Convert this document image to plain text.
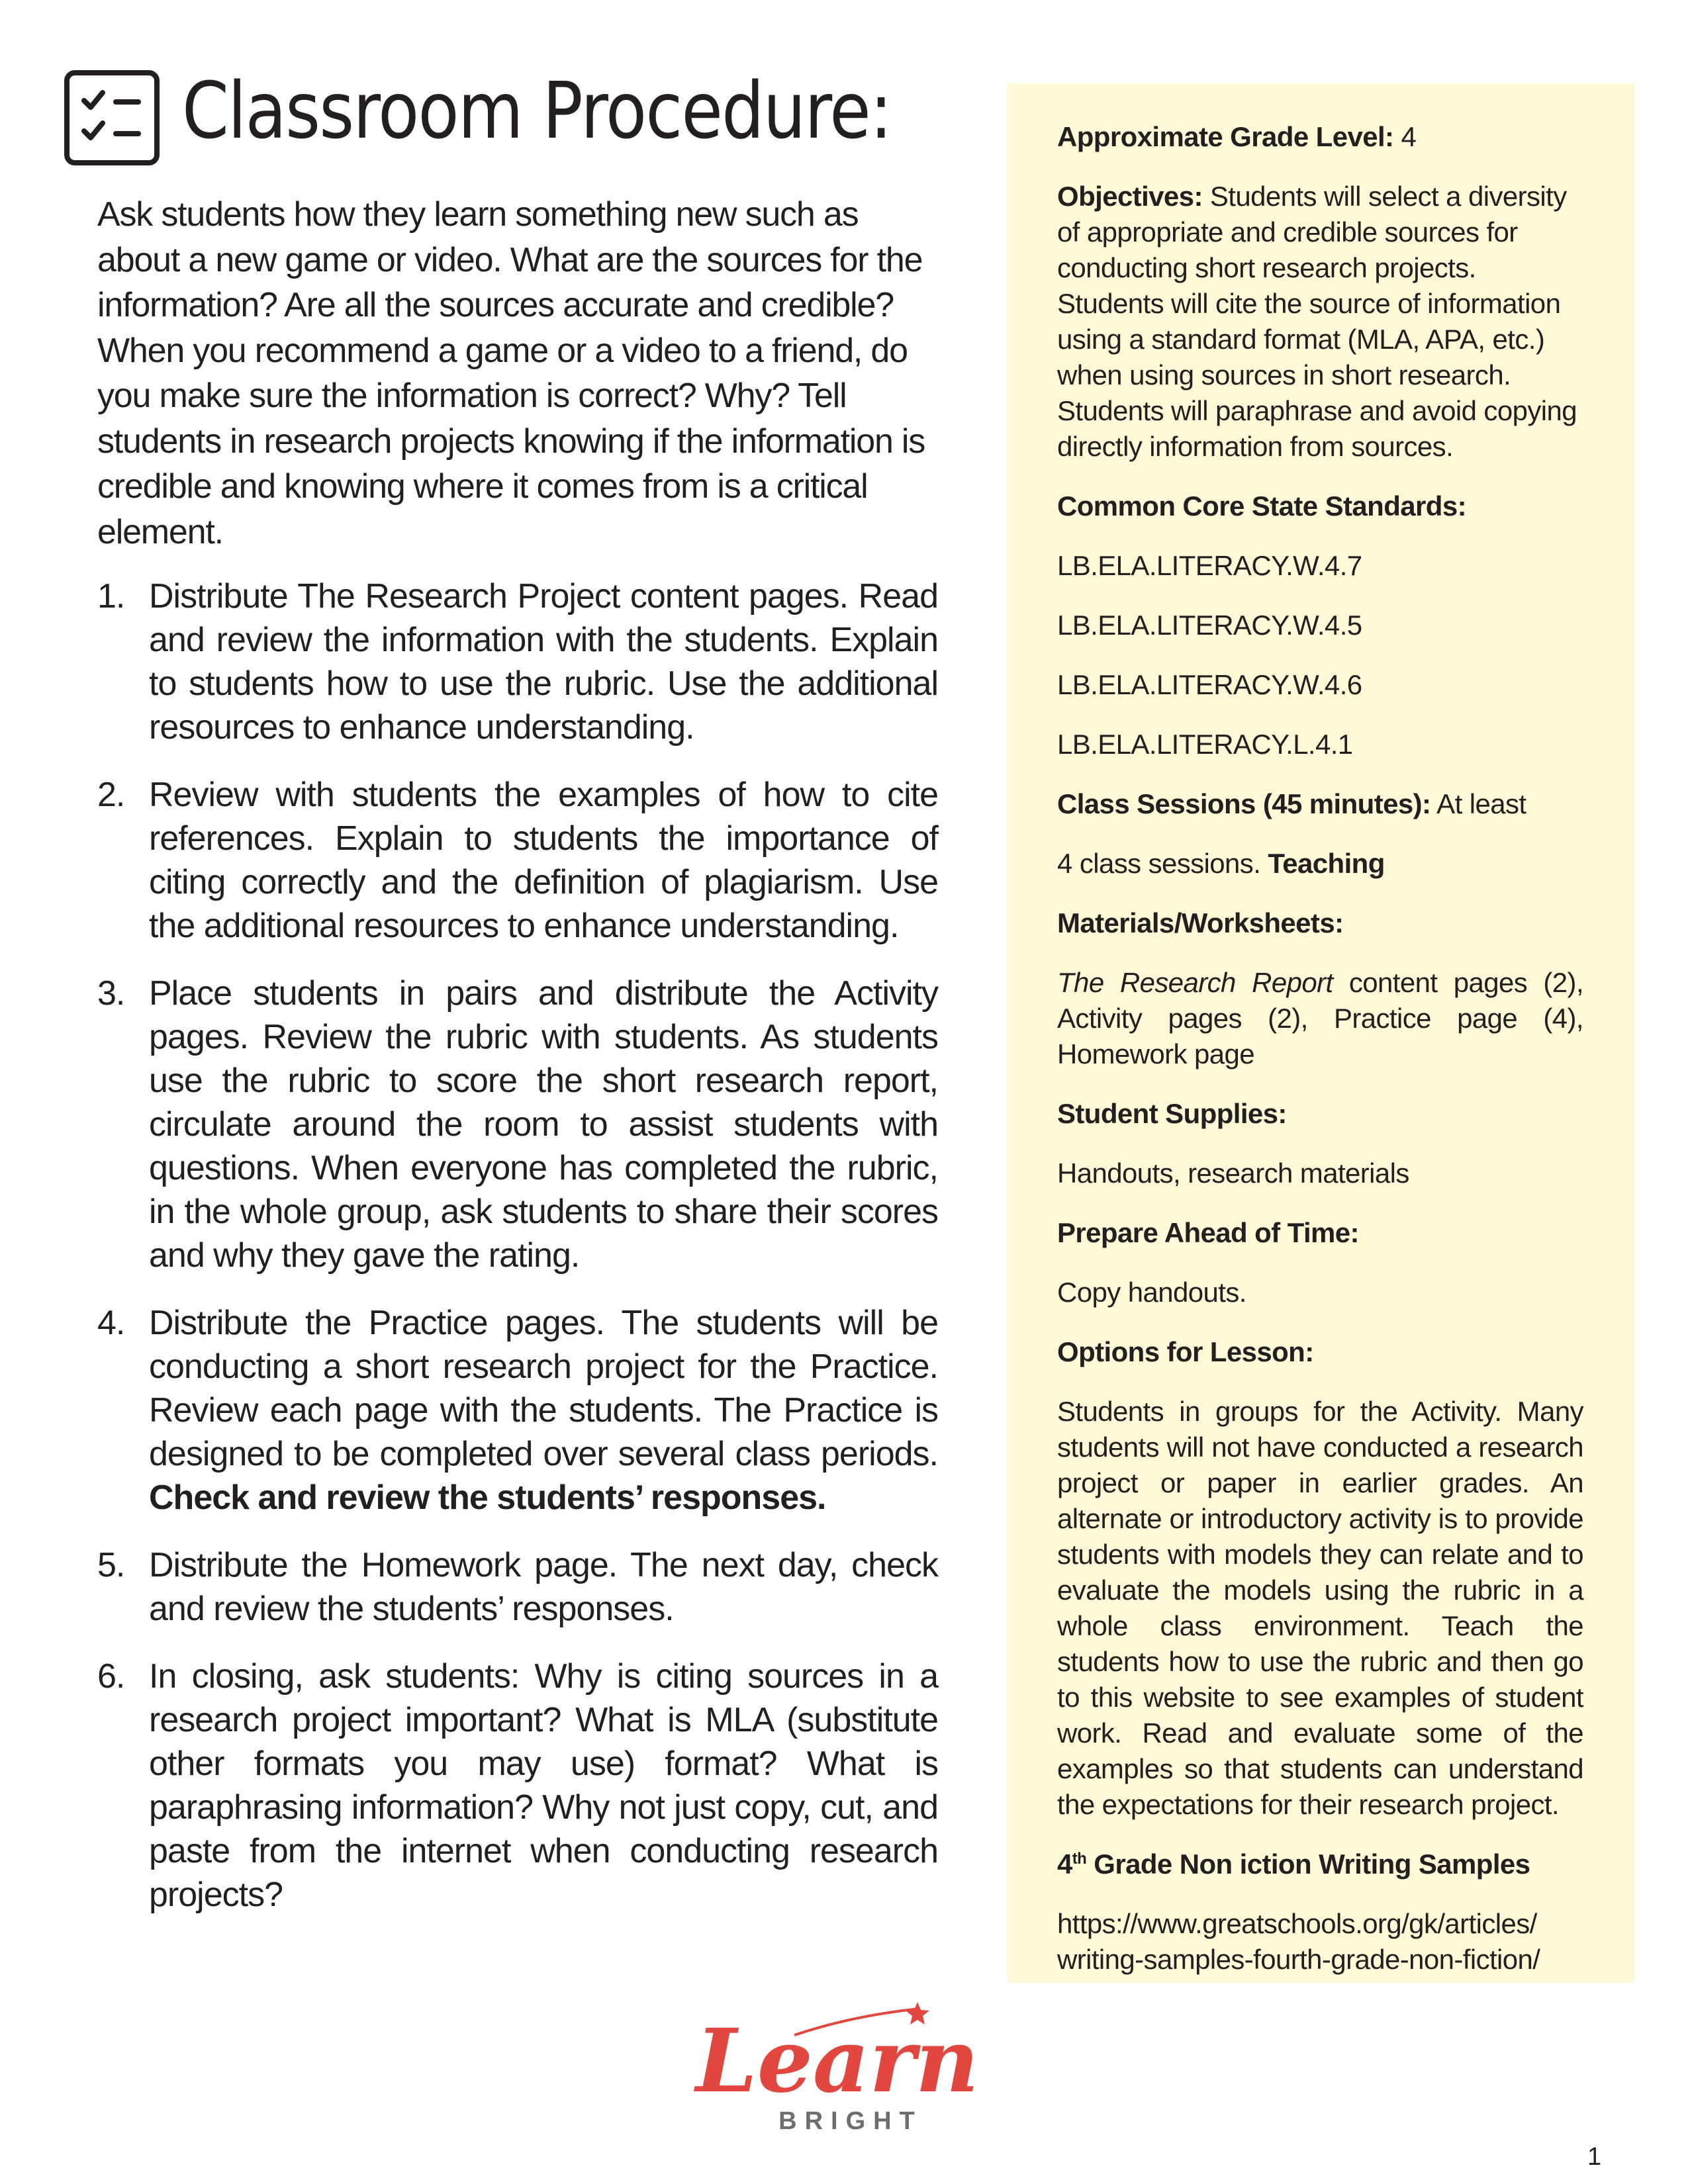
Classroom Procedure:

Ask students how they learn something new such as about a new game or video. What are the sources for the information? Are all the sources accurate and credible? When you recommend a game or a video to a friend, do you make sure the information is correct? Why? Tell students in research projects knowing if the information is credible and knowing where it comes from is a critical element.

1. Distribute The Research Project content pages. Read and review the information with the students. Explain to students how to use the rubric. Use the additional resources to enhance understanding.
2. Review with students the examples of how to cite references. Explain to students the importance of citing correctly and the definition of plagiarism. Use the additional resources to enhance understanding.
3. Place students in pairs and distribute the Activity pages. Review the rubric with students. As students use the rubric to score the short research report, circulate around the room to assist students with questions. When everyone has completed the rubric, in the whole group, ask students to share their scores and why they gave the rating.
4. Distribute the Practice pages. The students will be conducting a short research project for the Practice. Review each page with the students. The Practice is designed to be completed over several class periods. Check and review the students’ responses.
5. Distribute the Homework page. The next day, check and review the students’ responses.
6. In closing, ask students: Why is citing sources in a research project important? What is MLA (substitute other formats you may use) format? What is paraphrasing information? Why not just copy, cut, and paste from the internet when conducting research projects?

Approximate Grade Level: 4

Objectives: Students will select a diversity of appropriate and credible sources for conducting short research projects. Students will cite the source of information using a standard format (MLA, APA, etc.) when using sources in short research. Students will paraphrase and avoid copying directly information from sources.

Common Core State Standards:

LB.ELA.LITERACY.W.4.7

LB.ELA.LITERACY.W.4.5

LB.ELA.LITERACY.W.4.6

LB.ELA.LITERACY.L.4.1

Class Sessions (45 minutes): At least

4 class sessions. Teaching

Materials/Worksheets:

The Research Report content pages (2), Activity pages (2), Practice page (4), Homework page

Student Supplies:

Handouts, research materials

Prepare Ahead of Time:

Copy handouts.

Options for Lesson:

Students in groups for the Activity. Many students will not have conducted a research project or paper in earlier grades. An alternate or introductory activity is to provide students with models they can relate and to evaluate the models using the rubric in a whole class environment. Teach the students how to use the rubric and then go to this website to see examples of student work. Read and evaluate some of the examples so that students can understand the expectations for their research project.

4th Grade Non iction Writing Samples

https://www.greatschools.org/gk/articles/
writing-samples-fourth-grade-non-fiction/

Learn
BRIGHT
1
